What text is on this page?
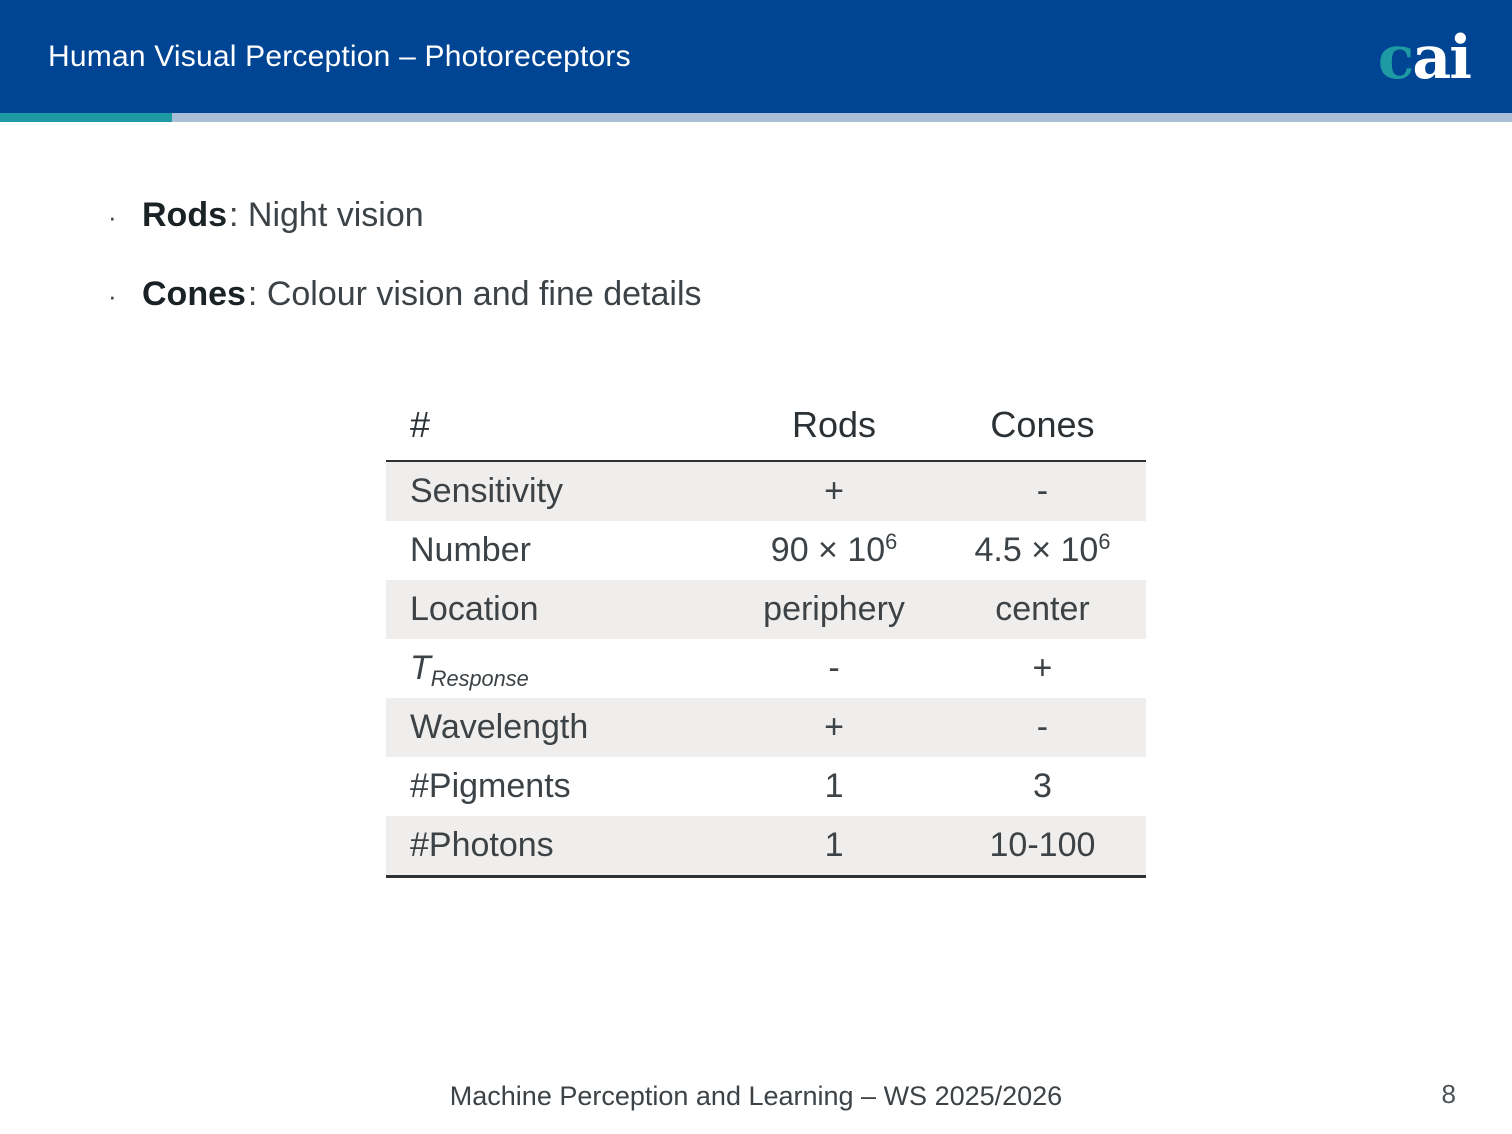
Human Visual Perception – Photoreceptors	cai
· Rods : Night vision
· Cones : Colour vision and fine details
#	Rods	Cones
Sensitivity	+	-
Number	$90 \times 10^6$	$4.5 \times 10^6$
Location	periphery	center
$T_{Response}$	-	+
Wavelength	+	-
#Pigments	1	3
#Photons	1	10-100
Machine Perception and Learning – WS 2025/2026	8
